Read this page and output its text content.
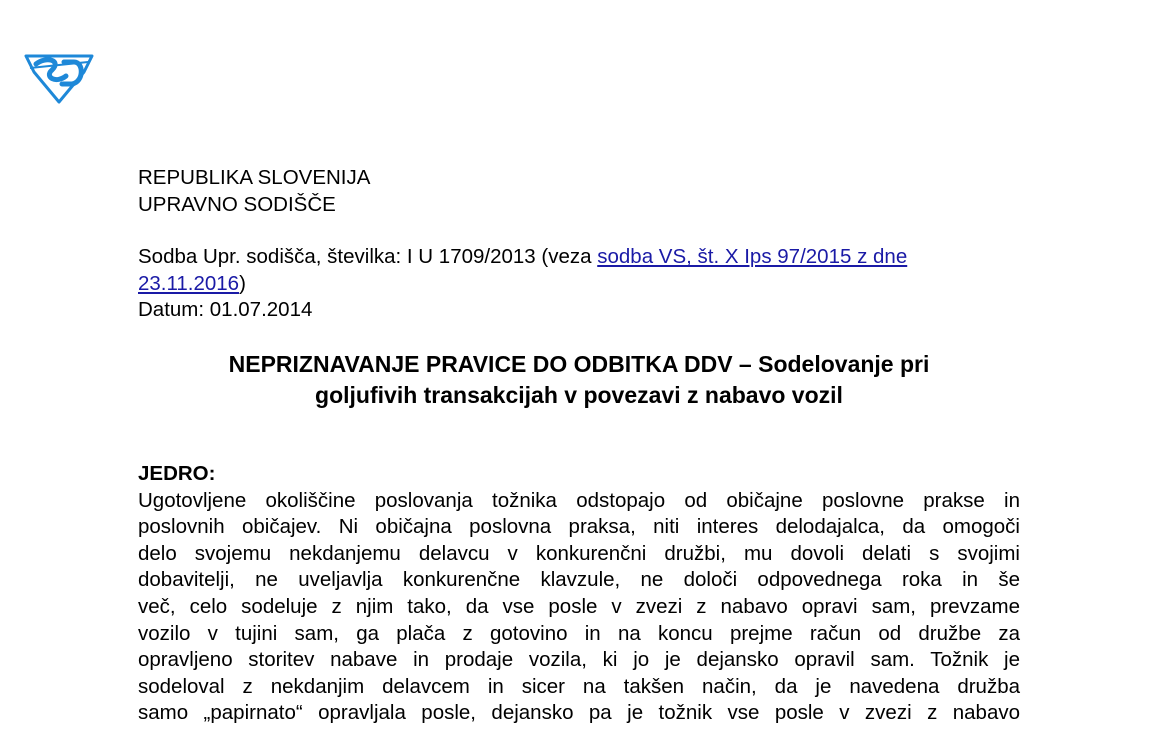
REPUBLIKA SLOVENIJA
UPRAVNO SODIŠČE
Sodba Upr. sodišča, številka: I U 1709/2013 (veza sodba VS, št. X Ips 97/2015 z dne 23.11.2016)
Datum: 01.07.2014
NEPRIZNAVANJE PRAVICE DO ODBITKA DDV – Sodelovanje pri
goljufivih transakcijah v povezavi z nabavo vozil
JEDRO:
Ugotovljene okoliščine poslovanja tožnika odstopajo od običajne poslovne prakse in
poslovnih običajev. Ni običajna poslovna praksa, niti interes delodajalca, da omogoči
delo svojemu nekdanjemu delavcu v konkurenčni družbi, mu dovoli delati s svojimi
dobavitelji, ne uveljavlja konkurenčne klavzule, ne določi odpovednega roka in še
več, celo sodeluje z njim tako, da vse posle v zvezi z nabavo opravi sam, prevzame
vozilo v tujini sam, ga plača z gotovino in na koncu prejme račun od družbe za
opravljeno storitev nabave in prodaje vozila, ki jo je dejansko opravil sam. Tožnik je
sodeloval z nekdanjim delavcem in sicer na takšen način, da je navedena družba
samo „papirnato“ opravljala posle, dejansko pa je tožnik vse posle v zvezi z nabavo
